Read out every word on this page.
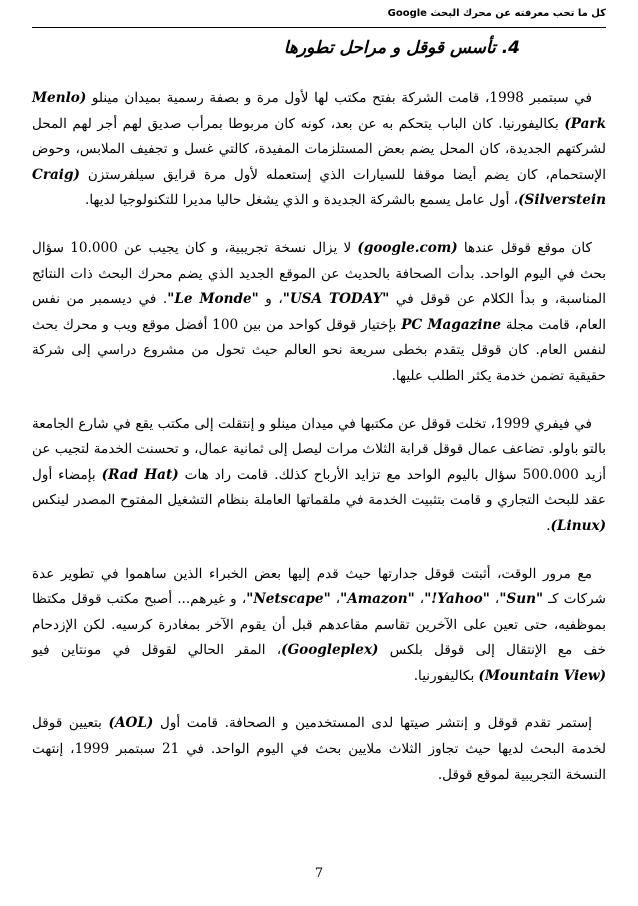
كل ما تحب معرفته عن محرك البحث Google
4. تأسس قوقل و مراحل تطورها

في سبتمبر 1998، قامت الشركة بفتح مكتب لها لأول مرة و بصفة رسمية بميدان مينلو (Menlo Park) بكاليفورنيا. كان الباب يتحكم به عن بعد، كونه كان مربوطا بمرأب صديق لهم أجر لهم المحل لشركتهم الجديدة، كان المحل يضم بعض المستلزمات المفيدة، كالتي غسل و تجفيف الملابس، وحوض الإستحمام، كان يضم أيضا موقفا للسيارات الذي إستعمله لأول مرة قرايق سيلفرستزن (Craig Silverstein)، أول عامل يسمع بالشركة الجديدة و الذي يشغل حاليا مديرا للتكنولوجيا لديها.

كان موقع قوقل عندها (google.com) لا يزال نسخة تجريبية، و كان يجيب عن 10.000 سؤال بحث في اليوم الواحد. بدأت الصحافة بالحديث عن الموقع الجديد الذي يضم محرك البحث ذات النتائج المناسبة، و بدأ الكلام عن قوقل في "USA TODAY"، و "Le Monde". في ديسمبر من نفس العام، قامت مجلة PC Magazine بإختيار قوقل كواحد من بين 100 أفضل موقع ويب و محرك بحث لنفس العام. كان قوقل يتقدم بخطى سريعة نحو العالم حيث تحول من مشروع دراسي إلى شركة حقيقية تضمن خدمة يكثر الطلب عليها.

في فيفري 1999، تخلت قوقل عن مكتبها في ميدان مينلو و إنتقلت إلى مكتب يقع في شارع الجامعة بالتو باولو. تضاعف عمال قوقل قرابة الثلاث مرات ليصل إلى ثمانية عمال، و تحسنت الخدمة لتجيب عن أزيد 500.000 سؤال باليوم الواحد مع تزايد الأرباح كذلك. قامت راد هات (Rad Hat) بإمضاء أول عقد للبحث التجاري و قامت بتثبيت الخدمة في ملقماتها العاملة بنظام التشغيل المفتوح المصدر لينكس (Linux).

مع مرور الوقت، أثبتت قوقل جدارتها حيث قدم إليها بعض الخبراء الذين ساهموا في تطوير عدة شركات كـ "Sun"، "Yahoo!"، "Amazon"، "Netscape"، و غيرهم... أصبح مكتب قوقل مكتظا بموظفيه، حتى تعين على الآخرين تقاسم مقاعدهم قبل أن يقوم الآخر بمغادرة كرسيه. لكن الإزدحام خف مع الإنتقال إلى قوقل بلكس (Googleplex)، المقر الحالي لقوقل في مونتاين فيو (Mountain View) بكاليفورنيا.

إستمر تقدم قوقل و إنتشر صيتها لدى المستخدمين و الصحافة. قامت أول (AOL) بتعيين قوقل لخدمة البحث لديها حيث تجاوز الثلاث ملايين بحث في اليوم الواحد. في 21 سبتمبر 1999، إنتهت النسخة التجريبية لموقع قوقل.

7
